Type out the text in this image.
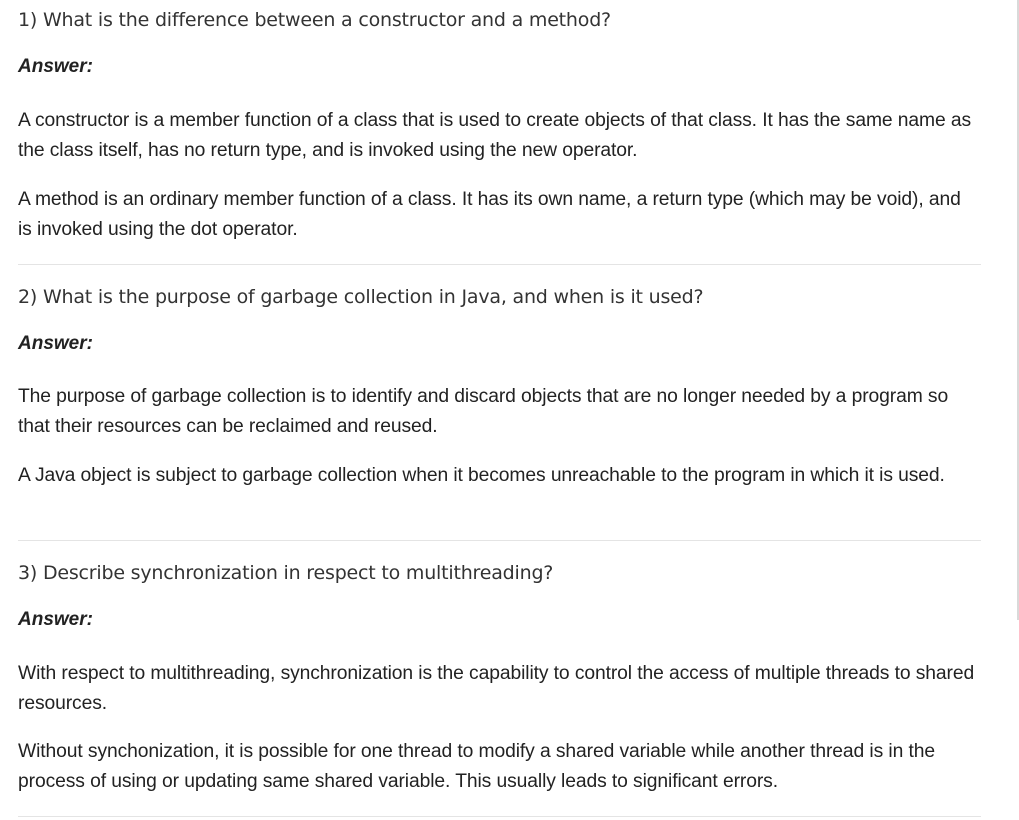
1) What is the difference between a constructor and a method?
Answer:

A constructor is a member function of a class that is used to create objects of that class. It has the same name as the class itself, has no return type, and is invoked using the new operator.

A method is an ordinary member function of a class. It has its own name, a return type (which may be void), and is invoked using the dot operator.

2) What is the purpose of garbage collection in Java, and when is it used?
Answer:

The purpose of garbage collection is to identify and discard objects that are no longer needed by a program so that their resources can be reclaimed and reused.

A Java object is subject to garbage collection when it becomes unreachable to the program in which it is used.

3) Describe synchronization in respect to multithreading?
Answer:

With respect to multithreading, synchronization is the capability to control the access of multiple threads to shared resources.

Without synchonization, it is possible for one thread to modify a shared variable while another thread is in the process of using or updating same shared variable. This usually leads to significant errors.
